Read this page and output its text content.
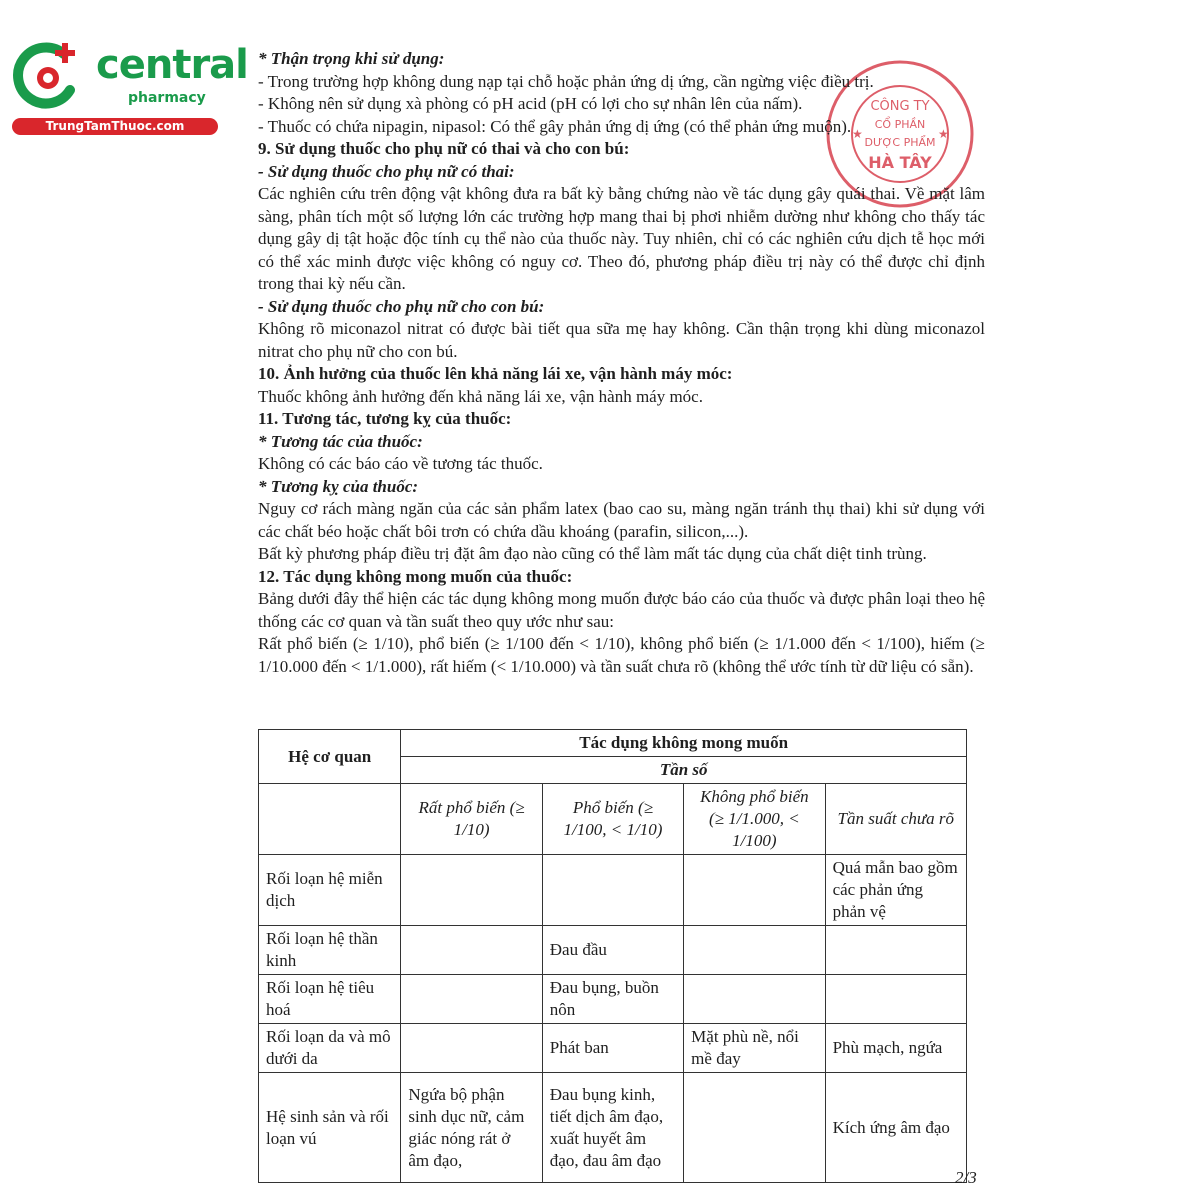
central
pharmacy
TrungTamThuoc.com
★	★
CÔNG TY
CỔ PHẦN
DƯỢC PHẨM
HÀ TÂY

* Thận trọng khi sử dụng:

- Trong trường hợp không dung nạp tại chỗ hoặc phản ứng dị ứng, cần ngừng việc điều trị.

- Không nên sử dụng xà phòng có pH acid (pH có lợi cho sự nhân lên của nấm).

- Thuốc có chứa nipagin, nipasol: Có thể gây phản ứng dị ứng (có thể phản ứng muộn).

9. Sử dụng thuốc cho phụ nữ có thai và cho con bú:

- Sử dụng thuốc cho phụ nữ có thai:

Các nghiên cứu trên động vật không đưa ra bất kỳ bằng chứng nào về tác dụng gây quái thai. Về mặt lâm sàng, phân tích một số lượng lớn các trường hợp mang thai bị phơi nhiễm dường như không cho thấy tác dụng gây dị tật hoặc độc tính cụ thể nào của thuốc này. Tuy nhiên, chỉ có các nghiên cứu dịch tễ học mới có thể xác minh được việc không có nguy cơ. Theo đó, phương pháp điều trị này có thể được chỉ định trong thai kỳ nếu cần.

- Sử dụng thuốc cho phụ nữ cho con bú:

Không rõ miconazol nitrat có được bài tiết qua sữa mẹ hay không. Cần thận trọng khi dùng miconazol nitrat cho phụ nữ cho con bú.

10. Ảnh hưởng của thuốc lên khả năng lái xe, vận hành máy móc:

Thuốc không ảnh hưởng đến khả năng lái xe, vận hành máy móc.

11. Tương tác, tương kỵ của thuốc:

* Tương tác của thuốc:

Không có các báo cáo về tương tác thuốc.

* Tương kỵ của thuốc:

Nguy cơ rách màng ngăn của các sản phẩm latex (bao cao su, màng ngăn tránh thụ thai) khi sử dụng với các chất béo hoặc chất bôi trơn có chứa dầu khoáng (parafin, silicon,...).

Bất kỳ phương pháp điều trị đặt âm đạo nào cũng có thể làm mất tác dụng của chất diệt tinh trùng.

12. Tác dụng không mong muốn của thuốc:

Bảng dưới đây thể hiện các tác dụng không mong muốn được báo cáo của thuốc và được phân loại theo hệ thống các cơ quan và tần suất theo quy ước như sau:

Rất phổ biến (≥ 1/10), phổ biến (≥ 1/100 đến < 1/10), không phổ biến (≥ 1/1.000 đến < 1/100), hiếm (≥ 1/10.000 đến < 1/1.000), rất hiếm (< 1/10.000) và tần suất chưa rõ (không thể ước tính từ dữ liệu có sẵn).

Hệ cơ quan	Tác dụng không mong muốn			
	Tần số			
	Rất phổ biến (≥ 1/10)	Phổ biến (≥ 1/100, < 1/10)	Không phổ biến (≥ 1/1.000, < 1/100)	Tần suất chưa rõ
Rối loạn hệ miễn dịch				Quá mẫn bao gồm các phản ứng phản vệ
Rối loạn hệ thần kinh		Đau đầu		
Rối loạn hệ tiêu hoá		Đau bụng, buồn nôn		
Rối loạn da và mô dưới da		Phát ban	Mặt phù nề, nổi mề đay	Phù mạch, ngứa
Hệ sinh sản và rối loạn vú	Ngứa bộ phận sinh dục nữ, cảm giác nóng rát ở âm đạo,	Đau bụng kinh, tiết dịch âm đạo, xuất huyết âm đạo, đau âm đạo		Kích ứng âm đạo
2/3
